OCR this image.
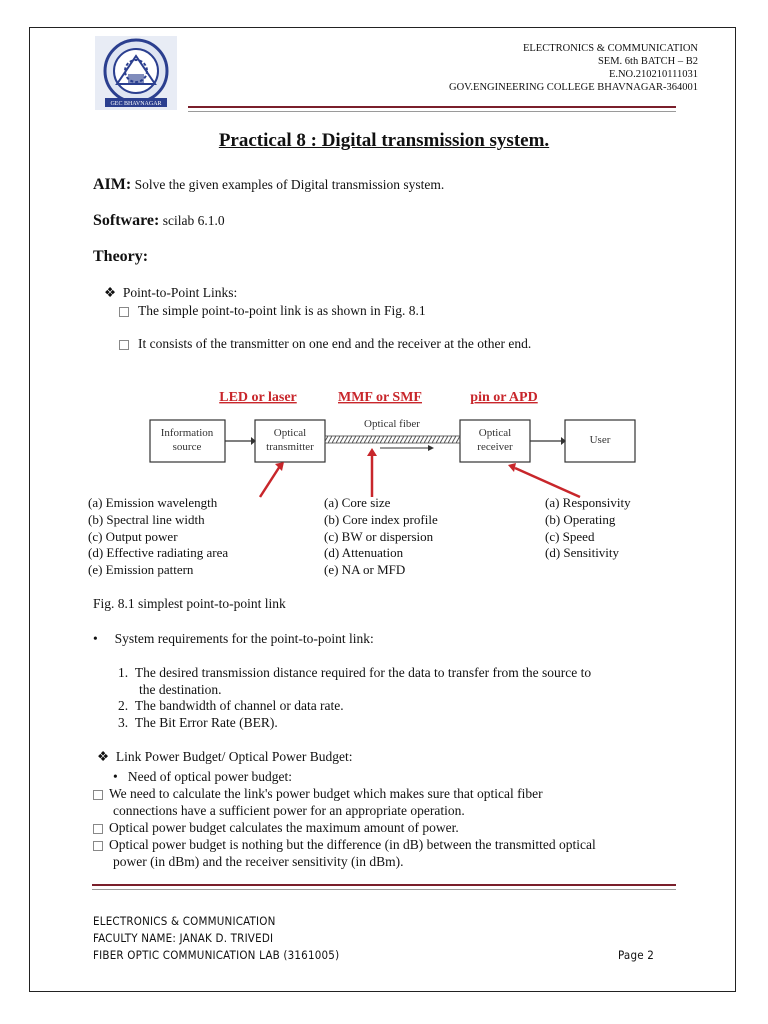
GEC BHAVNAGAR
ELECTRONICS & COMMUNICATION
SEM. 6th BATCH – B2
E.NO.210210111031
GOV.ENGINEERING COLLEGE BHAVNAGAR-364001
Practical 8 : Digital transmission system.
AIM: Solve the given examples of Digital transmission system.
Software: scilab 6.1.0
Theory:
❖ Point-to-Point Links:
The simple point-to-point link is as shown in Fig. 8.1
It consists of the transmitter on one end and the receiver at the other end.
LED or laser	MMF or SMF	pin or APD
Information
source
Optical
transmitter
Optical
receiver
User
Optical fiber
(a) Emission wavelength
(b) Spectral line width
(c) Output power
(d) Effective radiating area
(e) Emission pattern
(a) Core size
(b) Core index profile
(c) BW or dispersion
(d) Attenuation
(e) NA or MFD
(a) Responsivity
(b) Operating
(c) Speed
(d) Sensitivity
Fig. 8.1 simplest point-to-point link
• System requirements for the point-to-point link:
1. The desired transmission distance required for the data to transfer from the source to
the destination.
2. The bandwidth of channel or data rate.
3. The Bit Error Rate (BER).
❖ Link Power Budget/ Optical Power Budget:
• Need of optical power budget:
We need to calculate the link's power budget which makes sure that optical fiber
connections have a sufficient power for an appropriate operation.
Optical power budget calculates the maximum amount of power.
Optical power budget is nothing but the difference (in dB) between the transmitted optical
power (in dBm) and the receiver sensitivity (in dBm).
ELECTRONICS & COMMUNICATION
FACULTY NAME: JANAK D. TRIVEDI
FIBER OPTIC COMMUNICATION LAB (3161005)	Page 2
